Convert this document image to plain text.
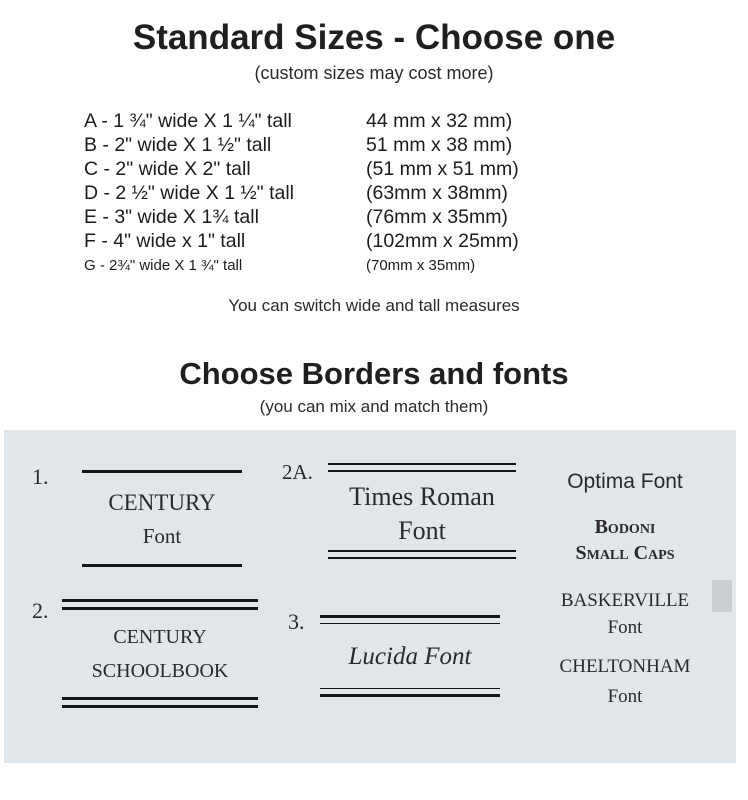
Standard Sizes - Choose one
(custom sizes may cost more)
A - 1 ¾" wide X 1 ¼" tall	44 mm x 32 mm)
B - 2" wide X 1 ½" tall	51 mm x 38 mm)
C - 2" wide X 2" tall	(51 mm x 51 mm)
D - 2 ½" wide X 1 ½" tall	(63mm x 38mm)
E - 3" wide X 1¾ tall	(76mm x 35mm)
F - 4" wide x 1" tall	(102mm x 25mm)
G - 2¾" wide X 1 ¾" tall	(70mm x 35mm)
You can switch wide and tall measures
Choose Borders and fonts
(you can mix and match them)
1.
CENTURY
Font
2.
CENTURY
SCHOOLBOOK
2A.
Times Roman
Font
3.
Lucida Font
Optima Font
Bodoni
Small Caps
BASKERVILLE
Font
CHELTONHAM
Font
